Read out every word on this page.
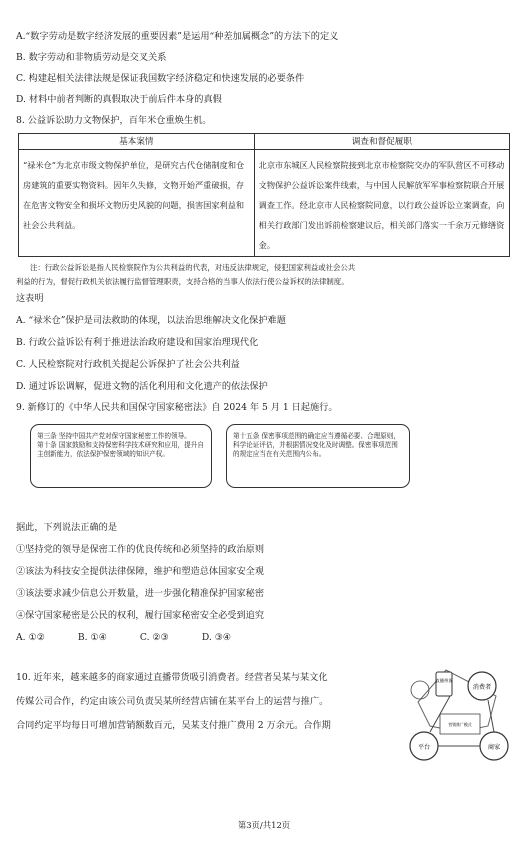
A.“数字劳动是数字经济发展的重要因素”是运用“种差加属概念”的方法下的定义
B. 数字劳动和非物质劳动是交叉关系
C. 构建起相关法律法规是保证我国数字经济稳定和快速发展的必要条件
D. 材料中前者判断的真假取决于前后件本身的真假
8. 公益诉讼助力文物保护，百年米仓重焕生机。
基本案情	调查和督促履职
“禄米仓”为北京市级文物保护单位，是研究古代仓储制度和仓房建筑的重要实物资料。因年久失修，文物开始严重破损，存在危害文物安全和损坏文物历史风貌的问题，损害国家利益和社会公共利益。	北京市东城区人民检察院接到北京市检察院交办的军队营区不可移动文物保护公益诉讼案件线索，与中国人民解放军军事检察院联合开展调查工作。经北京市人民检察院同意，以行政公益诉讼立案调查，向相关行政部门发出诉前检察建议后，相关部门落实一千余万元修缮资金。
注：行政公益诉讼是指人民检察院作为公共利益的代表，对违反法律规定，侵犯国家利益或社会公共
利益的行为，督促行政机关依法履行监督管理职责，支持合格的当事人依法行使公益诉权的法律制度。
这表明
A. “禄米仓”保护是司法救助的体现，以法治思维解决文化保护难题
B. 行政公益诉讼有利于推进法治政府建设和国家治理现代化
C. 人民检察院对行政机关提起公诉保护了社会公共利益
D. 通过诉讼调解，促进文物的活化利用和文化遗产的依法保护
9. 新修订的《中华人民共和国保守国家秘密法》自 2024 年 5 月 1 日起施行。
第三条 坚持中国共产党对保守国家秘密工作的领导。
第十条 国家鼓励和支持保密科学技术研究和应用，提升自主创新能力，依法保护保密领域的知识产权。
第十五条 保密事项范围的确定应当遵循必要、合理原则，科学论证评估，并根据情况变化及时调整。保密事项范围的规定应当在有关范围内公布。
据此，下列说法正确的是
①坚持党的领导是保密工作的优良传统和必须坚持的政治原则
②该法为科技安全提供法律保障，维护和塑造总体国家安全观
③该法要求减少信息公开数量，进一步强化精准保护国家秘密
④保守国家秘密是公民的权利，履行国家秘密安全必受到追究
A. ①②	B. ①④	C. ②③	D. ③④
10. 近年来，越来越多的商家通过直播带货吸引消费者。经营者吴某与某文化
传媒公司合作，约定由该公司负责吴某所经营店铺在某平台上的运营与推广。
合同约定平均每日可增加营销额数百元，吴某支付推广费用 2 万余元。合作期
直播带货
消费者
平台	商家
营销推广模式
第3页/共12页
